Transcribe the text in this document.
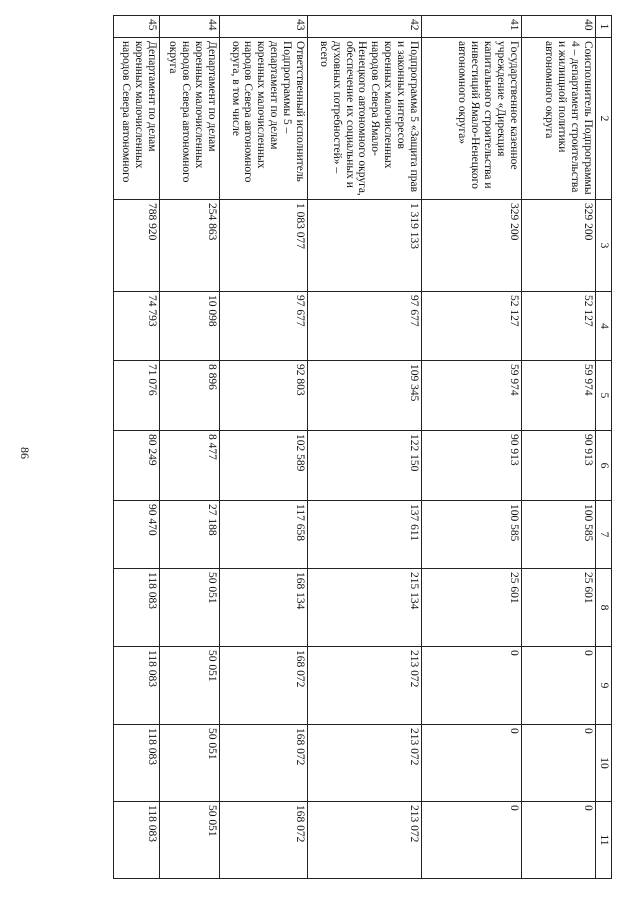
86
1	2	3	4	5	6	7	8	9	10	11
40	Соисполнитель Подпрограммы 4 – департамент строительства и жилищной политики автономного округа	329 200	52 127	59 974	90 913	100 585	25 601	0	0	0
41	Государственное казенное учреждение «Дирекция капитального строительства и инвестиций Ямало-Ненецкого автономного округа»	329 200	52 127	59 974	90 913	100 585	25 601	0	0	0
42	Подпрограмма 5 «Защита прав и законных интересов коренных малочисленных народов Севера Ямало-Ненецкого автономного округа, обеспечение их социальных и духовных потребностей» – всего	1 319 133	97 677	109 345	122 150	137 611	215 134	213 072	213 072	213 072
43	Ответственный исполнитель Подпрограммы 5 – департамент по делам коренных малочисленных народов Севера автономного округа, в том числе	1 083 077	97 677	92 803	102 589	117 658	168 134	168 072	168 072	168 072
44	Департамент по делам коренных малочисленных народов Севера автономного округа	254 863	10 098	8 896	8 477	27 188	50 051	50 051	50 051	50 051
45	Департамент по делам коренных малочисленных народов Севера автономного	788 920	74 793	71 076	80 249	90 470	118 083	118 083	118 083	118 083
